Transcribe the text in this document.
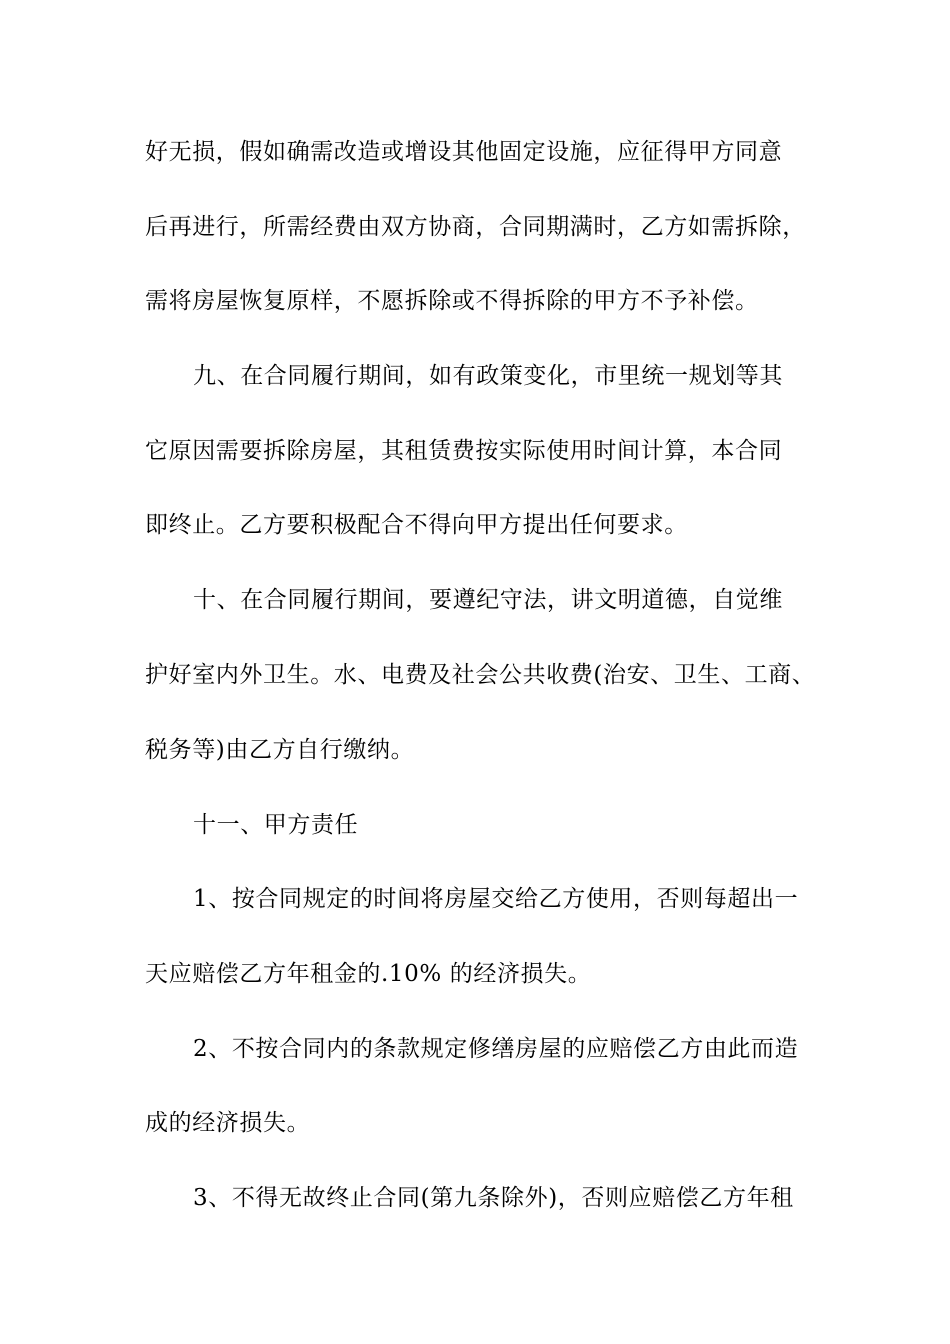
好无损，假如确需改造或增设其他固定设施，应征得甲方同意
后再进行，所需经费由双方协商，合同期满时，乙方如需拆除，
需将房屋恢复原样，不愿拆除或不得拆除的甲方不予补偿。
九、在合同履行期间，如有政策变化，市里统一规划等其
它原因需要拆除房屋，其租赁费按实际使用时间计算，本合同
即终止。乙方要积极配合不得向甲方提出任何要求。
十、在合同履行期间，要遵纪守法，讲文明道德，自觉维
护好室内外卫生。水、电费及社会公共收费(治安、卫生、工商、
税务等)由乙方自行缴纳。
十一、甲方责任
1、按合同规定的时间将房屋交给乙方使用，否则每超出一
天应赔偿乙方年租金的.10% 的经济损失。
2、不按合同内的条款规定修缮房屋的应赔偿乙方由此而造
成的经济损失。
3、不得无故终止合同(第九条除外)，否则应赔偿乙方年租
